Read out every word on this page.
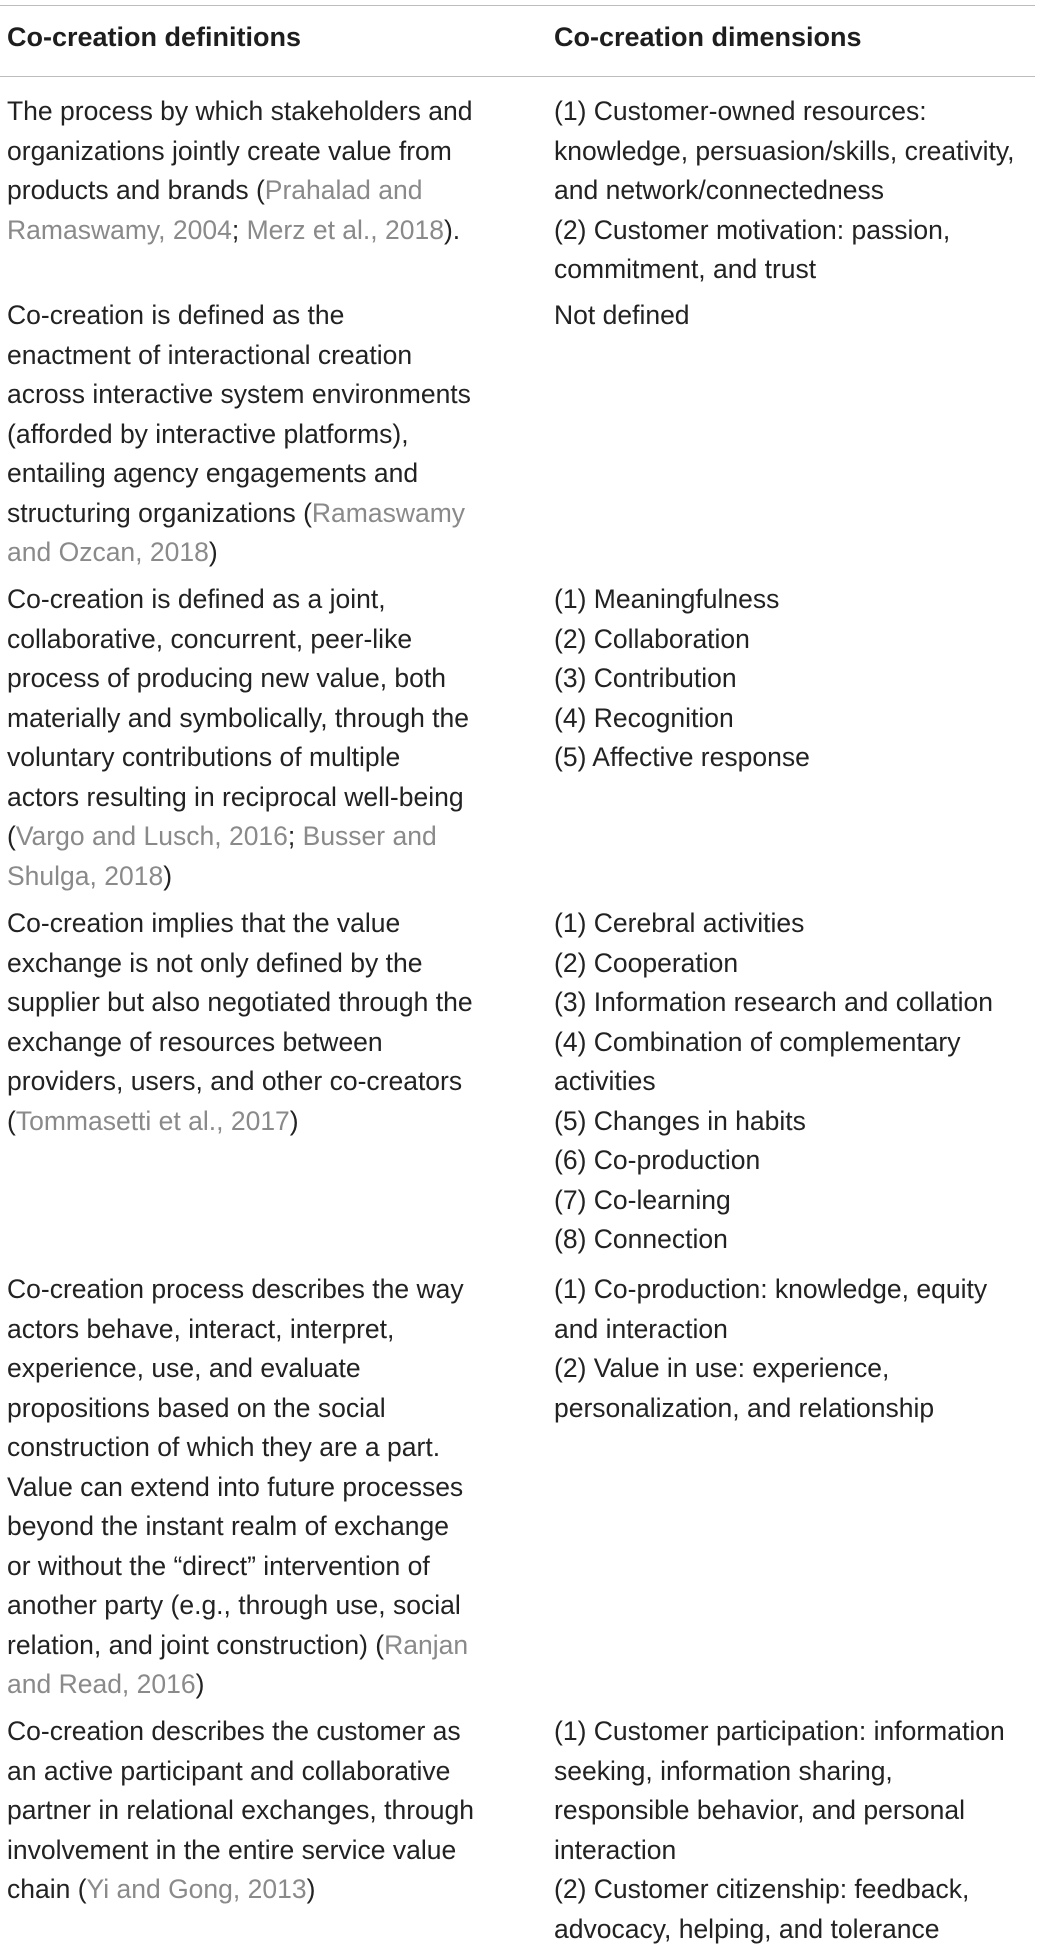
Co-creation definitions	Co-creation dimensions
The process by which stakeholders and
organizations jointly create value from
products and brands (Prahalad and
Ramaswamy, 2004; Merz et al., 2018).
(1) Customer-owned resources:
knowledge, persuasion/skills, creativity,
and network/connectedness
(2) Customer motivation: passion,
commitment, and trust
Co-creation is defined as the
enactment of interactional creation
across interactive system environments
(afforded by interactive platforms),
entailing agency engagements and
structuring organizations (Ramaswamy
and Ozcan, 2018)
Not defined
Co-creation is defined as a joint,
collaborative, concurrent, peer-like
process of producing new value, both
materially and symbolically, through the
voluntary contributions of multiple
actors resulting in reciprocal well-being
(Vargo and Lusch, 2016; Busser and
Shulga, 2018)
(1) Meaningfulness
(2) Collaboration
(3) Contribution
(4) Recognition
(5) Affective response
Co-creation implies that the value
exchange is not only defined by the
supplier but also negotiated through the
exchange of resources between
providers, users, and other co-creators
(Tommasetti et al., 2017)
(1) Cerebral activities
(2) Cooperation
(3) Information research and collation
(4) Combination of complementary
activities
(5) Changes in habits
(6) Co-production
(7) Co-learning
(8) Connection
Co-creation process describes the way
actors behave, interact, interpret,
experience, use, and evaluate
propositions based on the social
construction of which they are a part.
Value can extend into future processes
beyond the instant realm of exchange
or without the “direct” intervention of
another party (e.g., through use, social
relation, and joint construction) (Ranjan
and Read, 2016)
(1) Co-production: knowledge, equity
and interaction
(2) Value in use: experience,
personalization, and relationship
Co-creation describes the customer as
an active participant and collaborative
partner in relational exchanges, through
involvement in the entire service value
chain (Yi and Gong, 2013)
(1) Customer participation: information
seeking, information sharing,
responsible behavior, and personal
interaction
(2) Customer citizenship: feedback,
advocacy, helping, and tolerance
